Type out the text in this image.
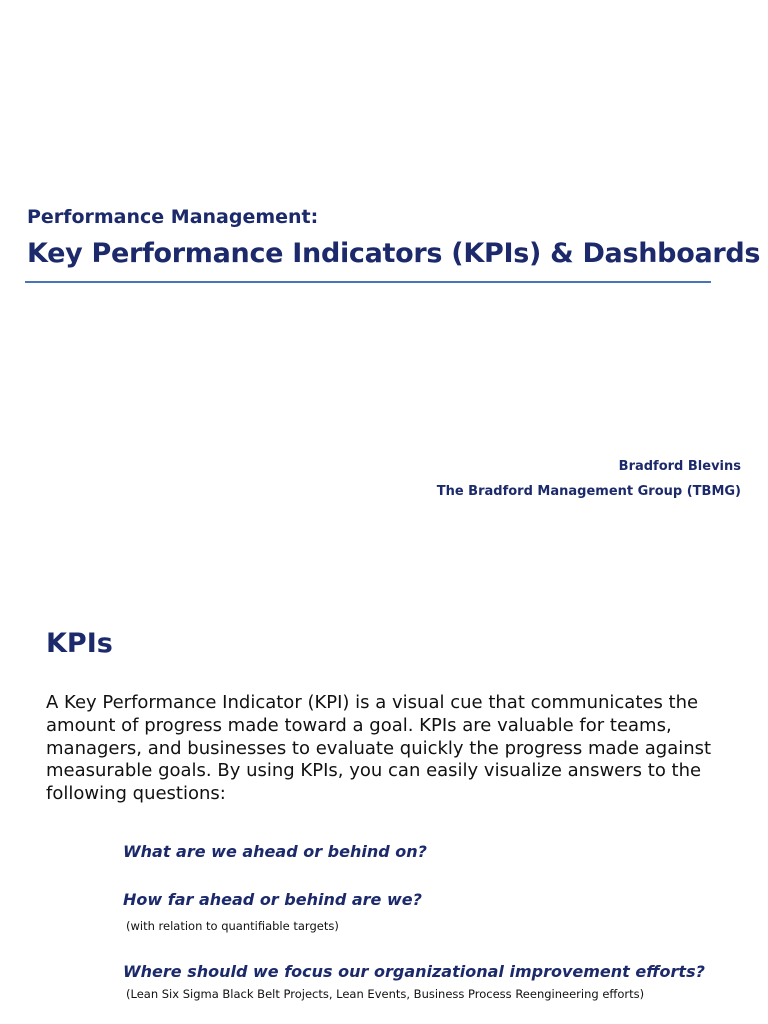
Performance Management:
Key Performance Indicators (KPIs) & Dashboards
Bradford Blevins
The Bradford Management Group (TBMG)
KPIs
A Key Performance Indicator (KPI) is a visual cue that communicates the amount of progress made toward a goal. KPIs are valuable for teams, managers, and businesses to evaluate quickly the progress made against measurable goals. By using KPIs, you can easily visualize answers to the following questions:
What are we ahead or behind on?
How far ahead or behind are we?
(with relation to quantifiable targets)
Where should we focus our organizational improvement efforts?
(Lean Six Sigma Black Belt Projects, Lean Events, Business Process Reengineering efforts)
